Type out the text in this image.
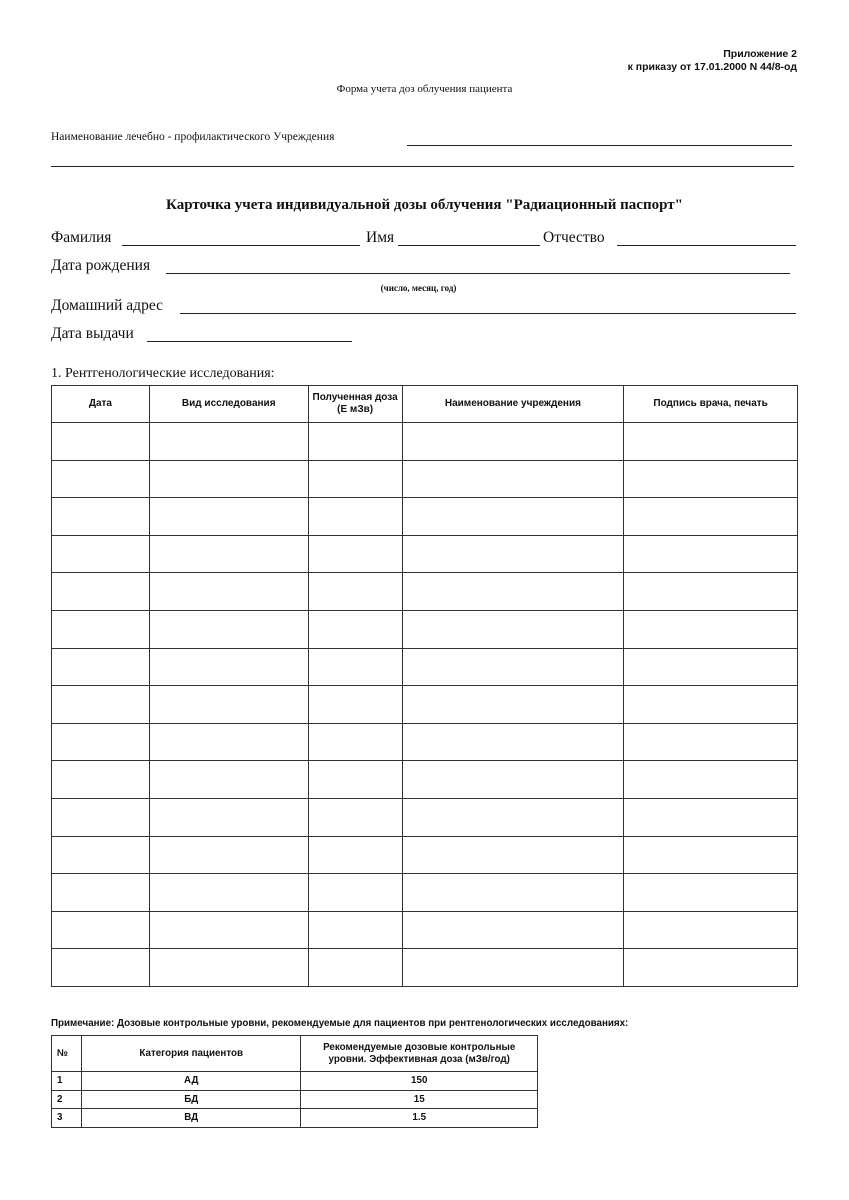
Приложение 2
к приказу от 17.01.2000 N 44/8-од
Форма учета доз облучения пациента
Наименование лечебно - профилактического Учреждения
Карточка учета индивидуальной дозы облучения "Радиационный паспорт"
Фамилия	Имя	Отчество
Дата рождения
(число, месяц, год)
Домашний адрес
Дата выдачи
1. Рентгенологические исследования:
Дата	Вид исследования	Полученная доза (Е мЗв)	Наименование учреждения	Подпись врача, печать

Примечание: Дозовые контрольные уровни, рекомендуемые для пациентов при рентгенологических исследованиях:
№	Категория пациентов	Рекомендуемые дозовые контрольные уровни. Эффективная доза (мЗв/год)
1	АД	150
2	БД	15
3	ВД	1.5
